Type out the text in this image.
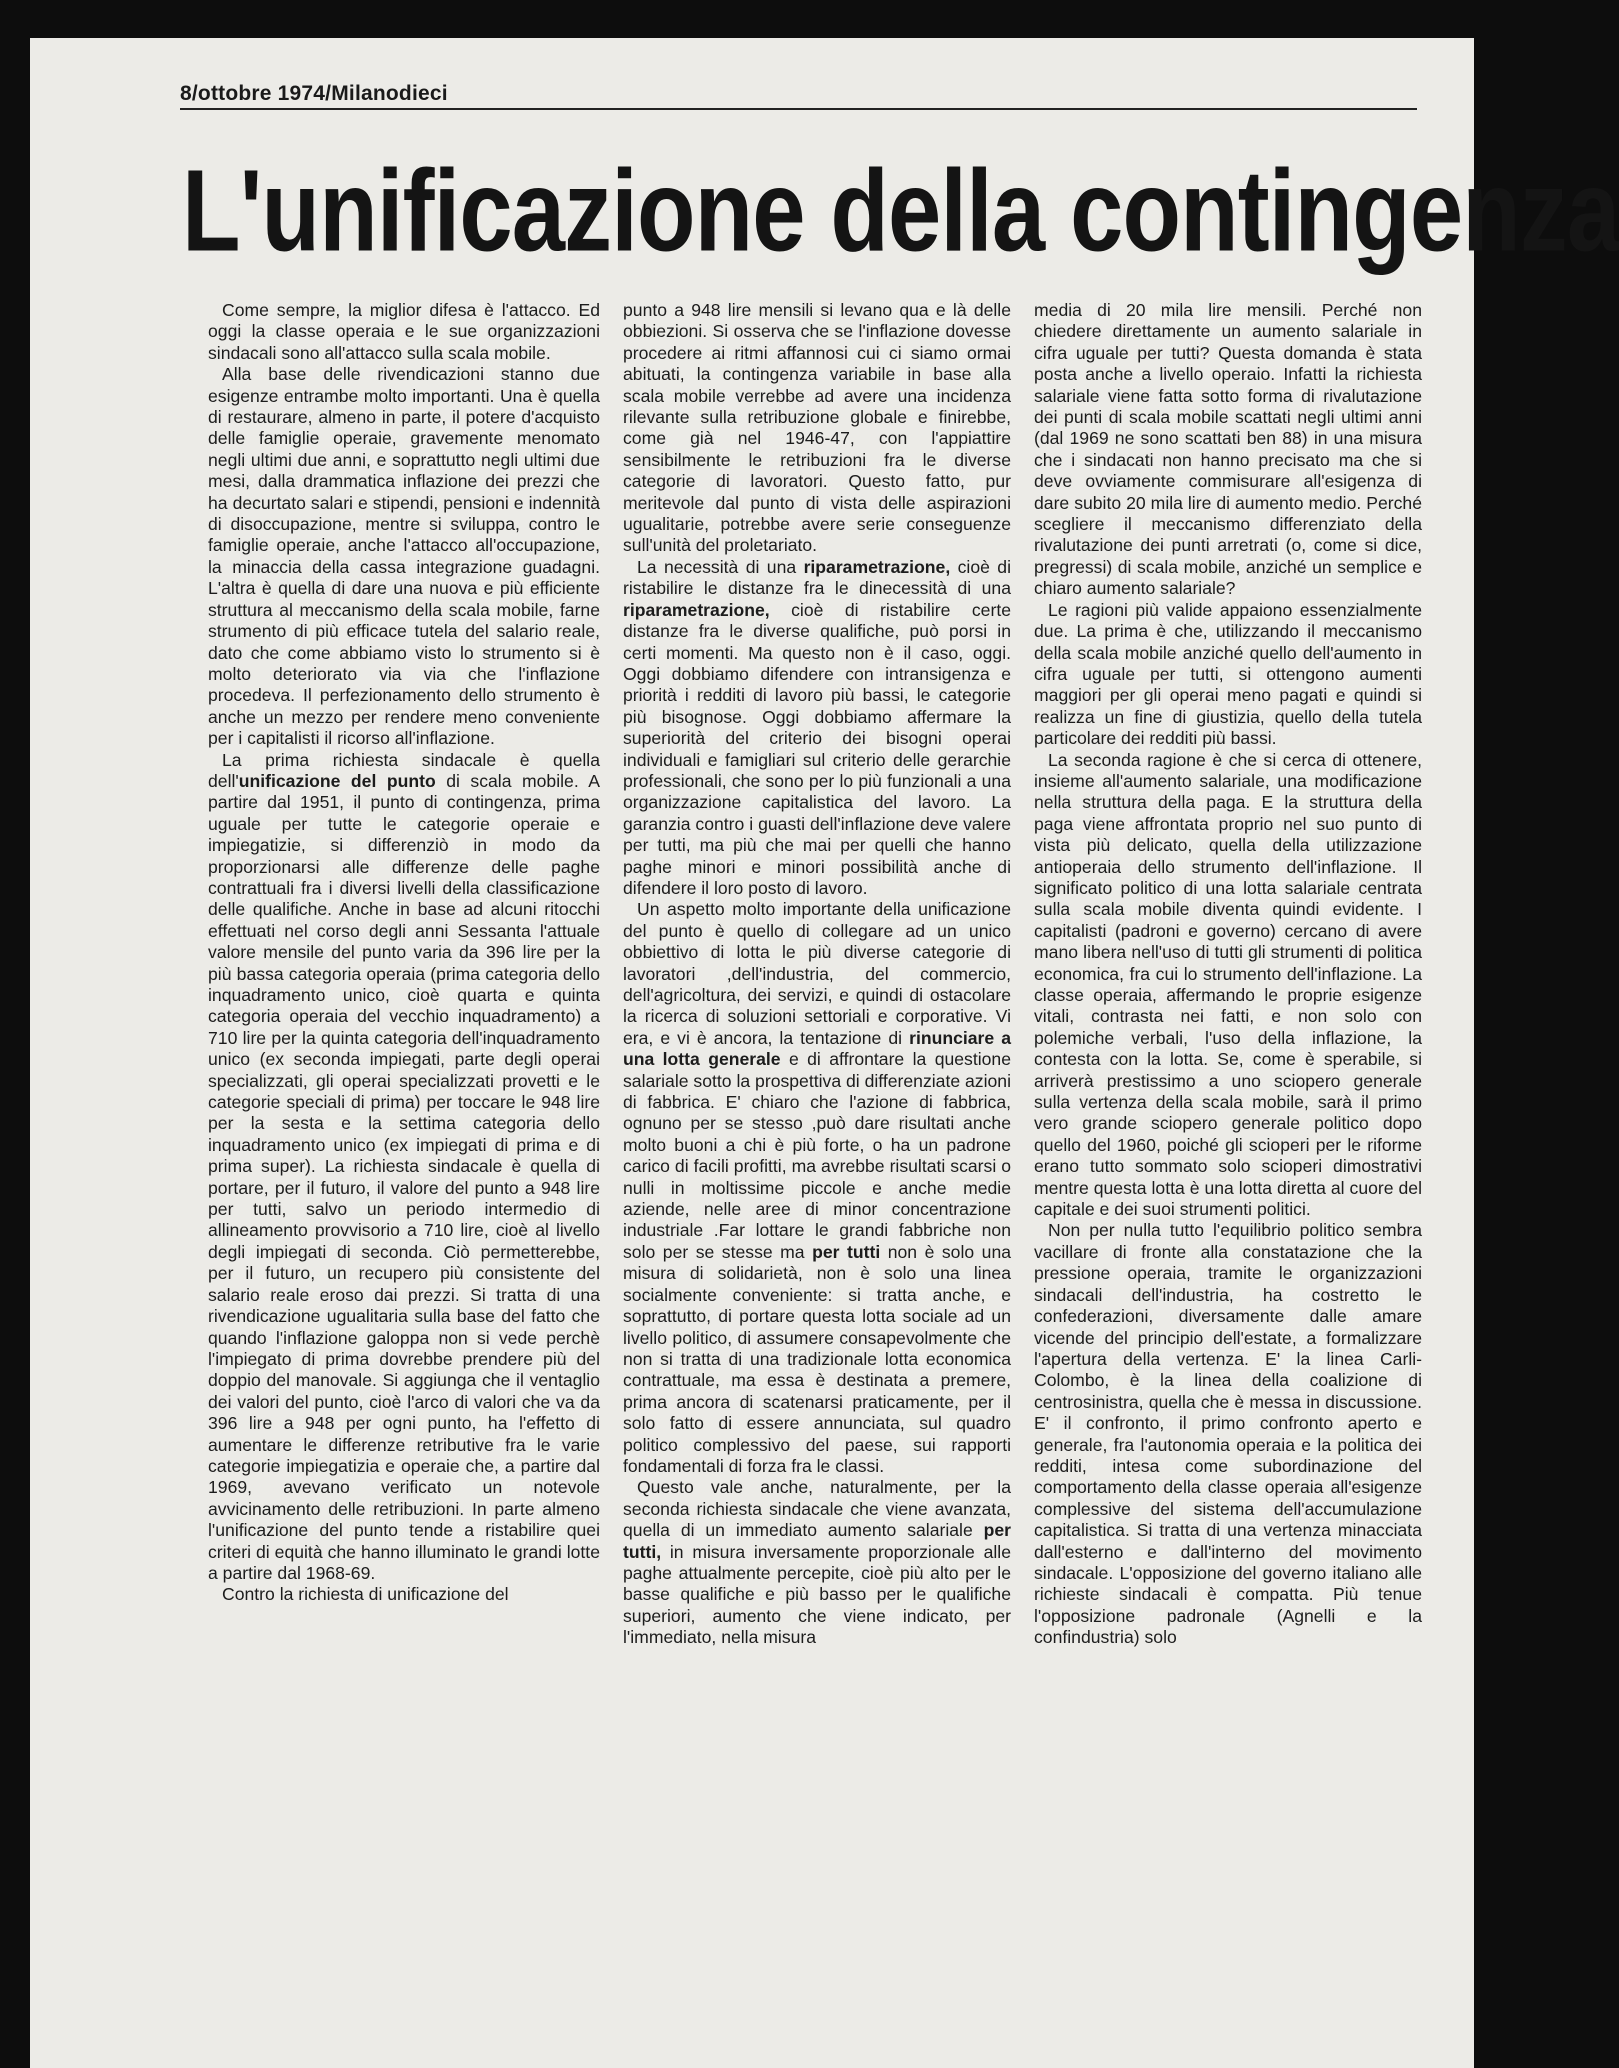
8/ottobre 1974/Milanodieci
L'unificazione della contingenza

Come sempre, la miglior difesa è l'attacco. Ed oggi la classe operaia e le sue organizzazioni sindacali sono all'attacco sulla scala mobile.

Alla base delle rivendicazioni stanno due esigenze entrambe molto importanti. Una è quella di restaurare, almeno in parte, il potere d'acquisto delle famiglie operaie, gravemente menomato negli ultimi due anni, e soprattutto negli ultimi due mesi, dalla drammatica inflazione dei prezzi che ha decurtato salari e stipendi, pensioni e indennità di disoccupazione, mentre si sviluppa, contro le famiglie operaie, anche l'attacco all'occupazione, la minaccia della cassa integrazione guadagni. L'altra è quella di dare una nuova e più efficiente struttura al meccanismo della scala mobile, farne strumento di più efficace tutela del salario reale, dato che come abbiamo visto lo strumento si è molto deteriorato via via che l'inflazione procedeva. Il perfezionamento dello strumento è anche un mezzo per rendere meno conveniente per i capitalisti il ricorso all'inflazione.

La prima richiesta sindacale è quella dell'unificazione del punto di scala mobile. A partire dal 1951, il punto di contingenza, prima uguale per tutte le categorie operaie e impiegatizie, si differenziò in modo da proporzionarsi alle differenze delle paghe contrattuali fra i diversi livelli della classificazione delle qualifiche. Anche in base ad alcuni ritocchi effettuati nel corso degli anni Sessanta l'attuale valore mensile del punto varia da 396 lire per la più bassa categoria operaia (prima categoria dello inquadramento unico, cioè quarta e quinta categoria operaia del vecchio inquadramento) a 710 lire per la quinta categoria dell'inquadramento unico (ex seconda impiegati, parte degli operai specializzati, gli operai specializzati provetti e le categorie speciali di prima) per toccare le 948 lire per la sesta e la settima categoria dello inquadramento unico (ex impiegati di prima e di prima super). La richiesta sindacale è quella di portare, per il futuro, il valore del punto a 948 lire per tutti, salvo un periodo intermedio di allineamento provvisorio a 710 lire, cioè al livello degli impiegati di seconda. Ciò permetterebbe, per il futuro, un recupero più consistente del salario reale eroso dai prezzi. Si tratta di una rivendicazione ugualitaria sulla base del fatto che quando l'inflazione galoppa non si vede perchè l'impiegato di prima dovrebbe prendere più del doppio del manovale. Si aggiunga che il ventaglio dei valori del punto, cioè l'arco di valori che va da 396 lire a 948 per ogni punto, ha l'effetto di aumentare le differenze retributive fra le varie categorie impiegatizia e operaie che, a partire dal 1969, avevano verificato un notevole avvicinamento delle retribuzioni. In parte almeno l'unificazione del punto tende a ristabilire quei criteri di equità che hanno illuminato le grandi lotte a partire dal 1968-69.

Contro la richiesta di unificazione del

punto a 948 lire mensili si levano qua e là delle obbiezioni. Si osserva che se l'inflazione dovesse procedere ai ritmi affannosi cui ci siamo ormai abituati, la contingenza variabile in base alla scala mobile verrebbe ad avere una incidenza rilevante sulla retribuzione globale e finirebbe, come già nel 1946-47, con l'appiattire sensibilmente le retribuzioni fra le diverse categorie di lavoratori. Questo fatto, pur meritevole dal punto di vista delle aspirazioni ugualitarie, potrebbe avere serie conseguenze sull'unità del proletariato.

La necessità di una riparametrazione, cioè di ristabilire le distanze fra le dinecessità di una riparametrazione, cioè di ristabilire certe distanze fra le diverse qualifiche, può porsi in certi momenti. Ma questo non è il caso, oggi. Oggi dobbiamo difendere con intransigenza e priorità i redditi di lavoro più bassi, le categorie più bisognose. Oggi dobbiamo affermare la superiorità del criterio dei bisogni operai individuali e famigliari sul criterio delle gerarchie professionali, che sono per lo più funzionali a una organizzazione capitalistica del lavoro. La garanzia contro i guasti dell'inflazione deve valere per tutti, ma più che mai per quelli che hanno paghe minori e minori possibilità anche di difendere il loro posto di lavoro.

Un aspetto molto importante della unificazione del punto è quello di collegare ad un unico obbiettivo di lotta le più diverse categorie di lavoratori ,dell'industria, del commercio, dell'agricoltura, dei servizi, e quindi di ostacolare la ricerca di soluzioni settoriali e corporative. Vi era, e vi è ancora, la tentazione di rinunciare a una lotta generale e di affrontare la questione salariale sotto la prospettiva di differenziate azioni di fabbrica. E' chiaro che l'azione di fabbrica, ognuno per se stesso ,può dare risultati anche molto buoni a chi è più forte, o ha un padrone carico di facili profitti, ma avrebbe risultati scarsi o nulli in moltissime piccole e anche medie aziende, nelle aree di minor concentrazione industriale .Far lottare le grandi fabbriche non solo per se stesse ma per tutti non è solo una misura di solidarietà, non è solo una linea socialmente conveniente: si tratta anche, e soprattutto, di portare questa lotta sociale ad un livello politico, di assumere consapevolmente che non si tratta di una tradizionale lotta economica contrattuale, ma essa è destinata a premere, prima ancora di scatenarsi praticamente, per il solo fatto di essere annunciata, sul quadro politico complessivo del paese, sui rapporti fondamentali di forza fra le classi.

Questo vale anche, naturalmente, per la seconda richiesta sindacale che viene avanzata, quella di un immediato aumento salariale per tutti, in misura inversamente proporzionale alle paghe attualmente percepite, cioè più alto per le basse qualifiche e più basso per le qualifiche superiori, aumento che viene indicato, per l'immediato, nella misura

media di 20 mila lire mensili. Perché non chiedere direttamente un aumento salariale in cifra uguale per tutti? Questa domanda è stata posta anche a livello operaio. Infatti la richiesta salariale viene fatta sotto forma di rivalutazione dei punti di scala mobile scattati negli ultimi anni (dal 1969 ne sono scattati ben 88) in una misura che i sindacati non hanno precisato ma che si deve ovviamente commisurare all'esigenza di dare subito 20 mila lire di aumento medio. Perché scegliere il meccanismo differenziato della rivalutazione dei punti arretrati (o, come si dice, pregressi) di scala mobile, anziché un semplice e chiaro aumento salariale?

Le ragioni più valide appaiono essenzialmente due. La prima è che, utilizzando il meccanismo della scala mobile anziché quello dell'aumento in cifra uguale per tutti, si ottengono aumenti maggiori per gli operai meno pagati e quindi si realizza un fine di giustizia, quello della tutela particolare dei redditi più bassi.

La seconda ragione è che si cerca di ottenere, insieme all'aumento salariale, una modificazione nella struttura della paga. E la struttura della paga viene affrontata proprio nel suo punto di vista più delicato, quella della utilizzazione antioperaia dello strumento dell'inflazione. Il significato politico di una lotta salariale centrata sulla scala mobile diventa quindi evidente. I capitalisti (padroni e governo) cercano di avere mano libera nell'uso di tutti gli strumenti di politica economica, fra cui lo strumento dell'inflazione. La classe operaia, affermando le proprie esigenze vitali, contrasta nei fatti, e non solo con polemiche verbali, l'uso della inflazione, la contesta con la lotta. Se, come è sperabile, si arriverà prestissimo a uno sciopero generale sulla vertenza della scala mobile, sarà il primo vero grande sciopero generale politico dopo quello del 1960, poiché gli scioperi per le riforme erano tutto sommato solo scioperi dimostrativi mentre questa lotta è una lotta diretta al cuore del capitale e dei suoi strumenti politici.

Non per nulla tutto l'equilibrio politico sembra vacillare di fronte alla constatazione che la pressione operaia, tramite le organizzazioni sindacali dell'industria, ha costretto le confederazioni, diversamente dalle amare vicende del principio dell'estate, a formalizzare l'apertura della vertenza. E' la linea Carli-Colombo, è la linea della coalizione di centrosinistra, quella che è messa in discussione. E' il confronto, il primo confronto aperto e generale, fra l'autonomia operaia e la politica dei redditi, intesa come subordinazione del comportamento della classe operaia all'esigenze complessive del sistema dell'accumulazione capitalistica. Si tratta di una vertenza minacciata dall'esterno e dall'interno del movimento sindacale. L'opposizione del governo italiano alle richieste sindacali è compatta. Più tenue l'opposizione padronale (Agnelli e la confindustria) solo
